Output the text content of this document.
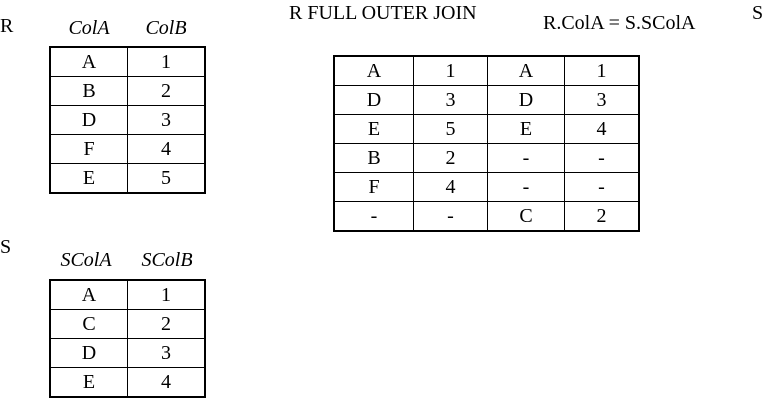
R	ColA	ColB
A	1
B	2
D	3
F	4
E	5
S
SColA	SColB
A	1
C	2
D	3
E	4
R FULL OUTER JOIN	R.ColA = S.SColA	S
A	1	A	1
D	3	D	3
E	5	E	4
B	2	-	-
F	4	-	-
-	-	C	2
